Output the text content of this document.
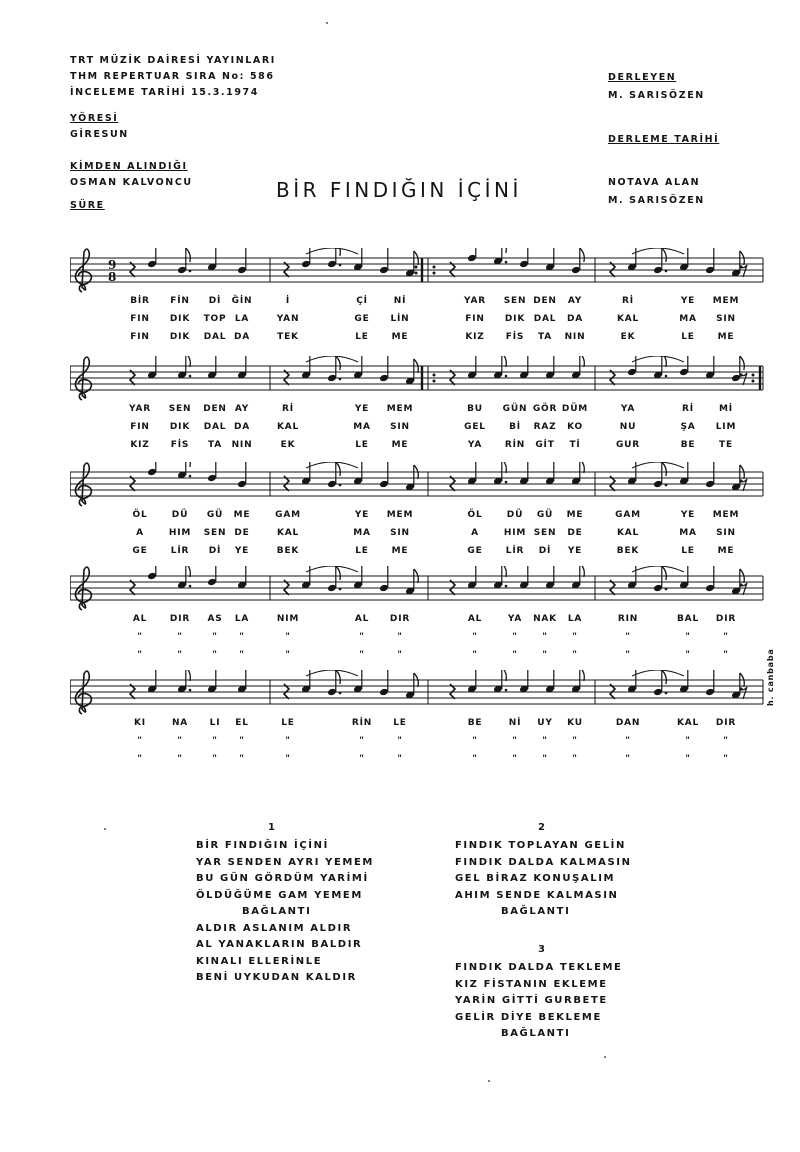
TRT MÜZİK DAİRESİ YAYINLARI
THM REPERTUAR SIRA No: 586
İNCELEME TARİHİ 15.3.1974
YÖRESİ
GİRESUN
KİMDEN ALINDIĞI
OSMAN KALVONCU
SÜRE
DERLEYEN
M. SARISÖZEN
DERLEME TARİHİ
NOTAVA ALAN
M. SARISÖZEN
BİR FINDIĞIN İÇİNİ
9
8
BİR FİN Dİ ĞİN	İ	Çİ	Nİ	YAR SEN DEN AY	Rİ	YE MEM
FIN DIK TOP LA	YAN	GE LİN	FIN DIK DAL DA	KAL	MA SIN
FIN DIK DAL DA	TEK	LE	ME	KIZ FİS TA NIN	EK	LE	ME
YAR SEN DEN AY	Rİ	YE MEM	BU GÜN GÖR DÜM	YA	Rİ	Mİ
FIN DIK DAL DA	KAL	MA SIN	GEL	Bİ RAZ KO	NU	ŞA LIM
KIZ FİS TA NIN	EK	LE	ME	YA	RİN GİT Tİ	GUR	BE	TE
ÖL	DÜ GÜ ME	GAM	YE MEM	ÖL	DÜ GÜ ME	GAM	YE MEM
A	HIM SEN DE	KAL	MA SIN	A	HIM SEN DE	KAL	MA SIN
GE	LİR Dİ YE	BEK	LE	ME	GE	LİR Dİ YE	BEK	LE	ME
AL	DIR AS LA	NIM	AL DIR	AL	YA NAK LA	RIN	BAL DIR
"	"	" "	"	"	"	"	"	"	"	"	"	"
"	"	" "	"	"	"	"	"	"	"	"	"	"
KI	NA LI EL	LE	RİN LE	BE	Nİ UY KU	DAN	KAL DIR
"	"	" "	"	"	"	"	"	"	"	"	"	"
"	"	" "	"	"	"	"	"	"	"	"	"	"
h. canbaba
1
BİR FINDIĞIN İÇİNİ
YAR SENDEN AYRI YEMEM
BU GÜN GÖRDÜM YARİMİ
ÖLDÜĞÜME GAM YEMEM
BAĞLANTI
ALDIR ASLANIM ALDIR
AL YANAKLARIN BALDIR
KINALI ELLERİNLE
BENİ UYKUDAN KALDIR
2
FINDIK TOPLAYAN GELİN
FINDIK DALDA KALMASIN
GEL BİRAZ KONUŞALIM
AHIM SENDE KALMASIN
BAĞLANTI
3
FINDIK DALDA TEKLEME
KIZ FİSTANIN EKLEME
YARİN GİTTİ GURBETE
GELİR DİYE BEKLEME
BAĞLANTI
